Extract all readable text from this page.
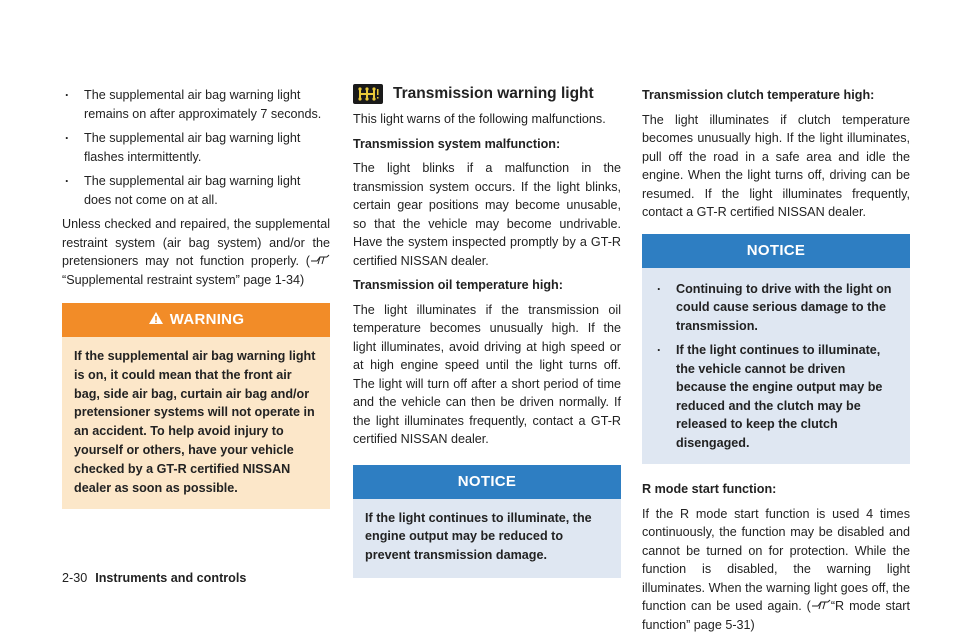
. The supplemental air bag warning light remains on after approximately 7 seconds.
. The supplemental air bag warning light flashes intermittently.
. The supplemental air bag warning light does not come on at all.

Unless checked and repaired, the supplemental restraint system (air bag system) and/or the pretensioners may not function properly. (“Supplemental restraint system” page 1-34)

WARNING
If the supplemental air bag warning light is on, it could mean that the front air bag, side air bag, curtain air bag and/or pretensioner systems will not operate in an accident. To help avoid injury to yourself or others, have your vehicle checked by a GT-R certified NISSAN dealer as soon as possible.
Transmission warning light

This light warns of the following malfunctions.

Transmission system malfunction:

The light blinks if a malfunction in the transmission system occurs. If the light blinks, certain gear positions may become unusable, so that the vehicle may become undrivable. Have the system inspected promptly by a GT-R certified NISSAN dealer.

Transmission oil temperature high:

The light illuminates if the transmission oil temperature becomes unusually high. If the light illuminates, avoid driving at high speed or at high engine speed until the light turns off. The light will turn off after a short period of time and the vehicle can then be driven normally. If the light illuminates frequently, contact a GT-R certified NISSAN dealer.

NOTICE
If the light continues to illuminate, the engine output may be reduced to prevent transmission damage.
Transmission clutch temperature high:

The light illuminates if clutch temperature becomes unusually high. If the light illuminates, pull off the road in a safe area and idle the engine. When the light turns off, driving can be resumed. If the light illuminates frequently, contact a GT-R certified NISSAN dealer.

NOTICE
. Continuing to drive with the light on could cause serious damage to the transmission.
. If the light continues to illuminate, the vehicle cannot be driven because the engine output may be reduced and the clutch may be released to keep the clutch disengaged.
R mode start function:

If the R mode start function is used 4 times continuously, the function may be disabled and cannot be turned on for protection. While the function is disabled, the warning light illuminates. When the warning light goes off, the function can be used again. ( “R mode start function” page 5-31)

2-30 Instruments and controls
